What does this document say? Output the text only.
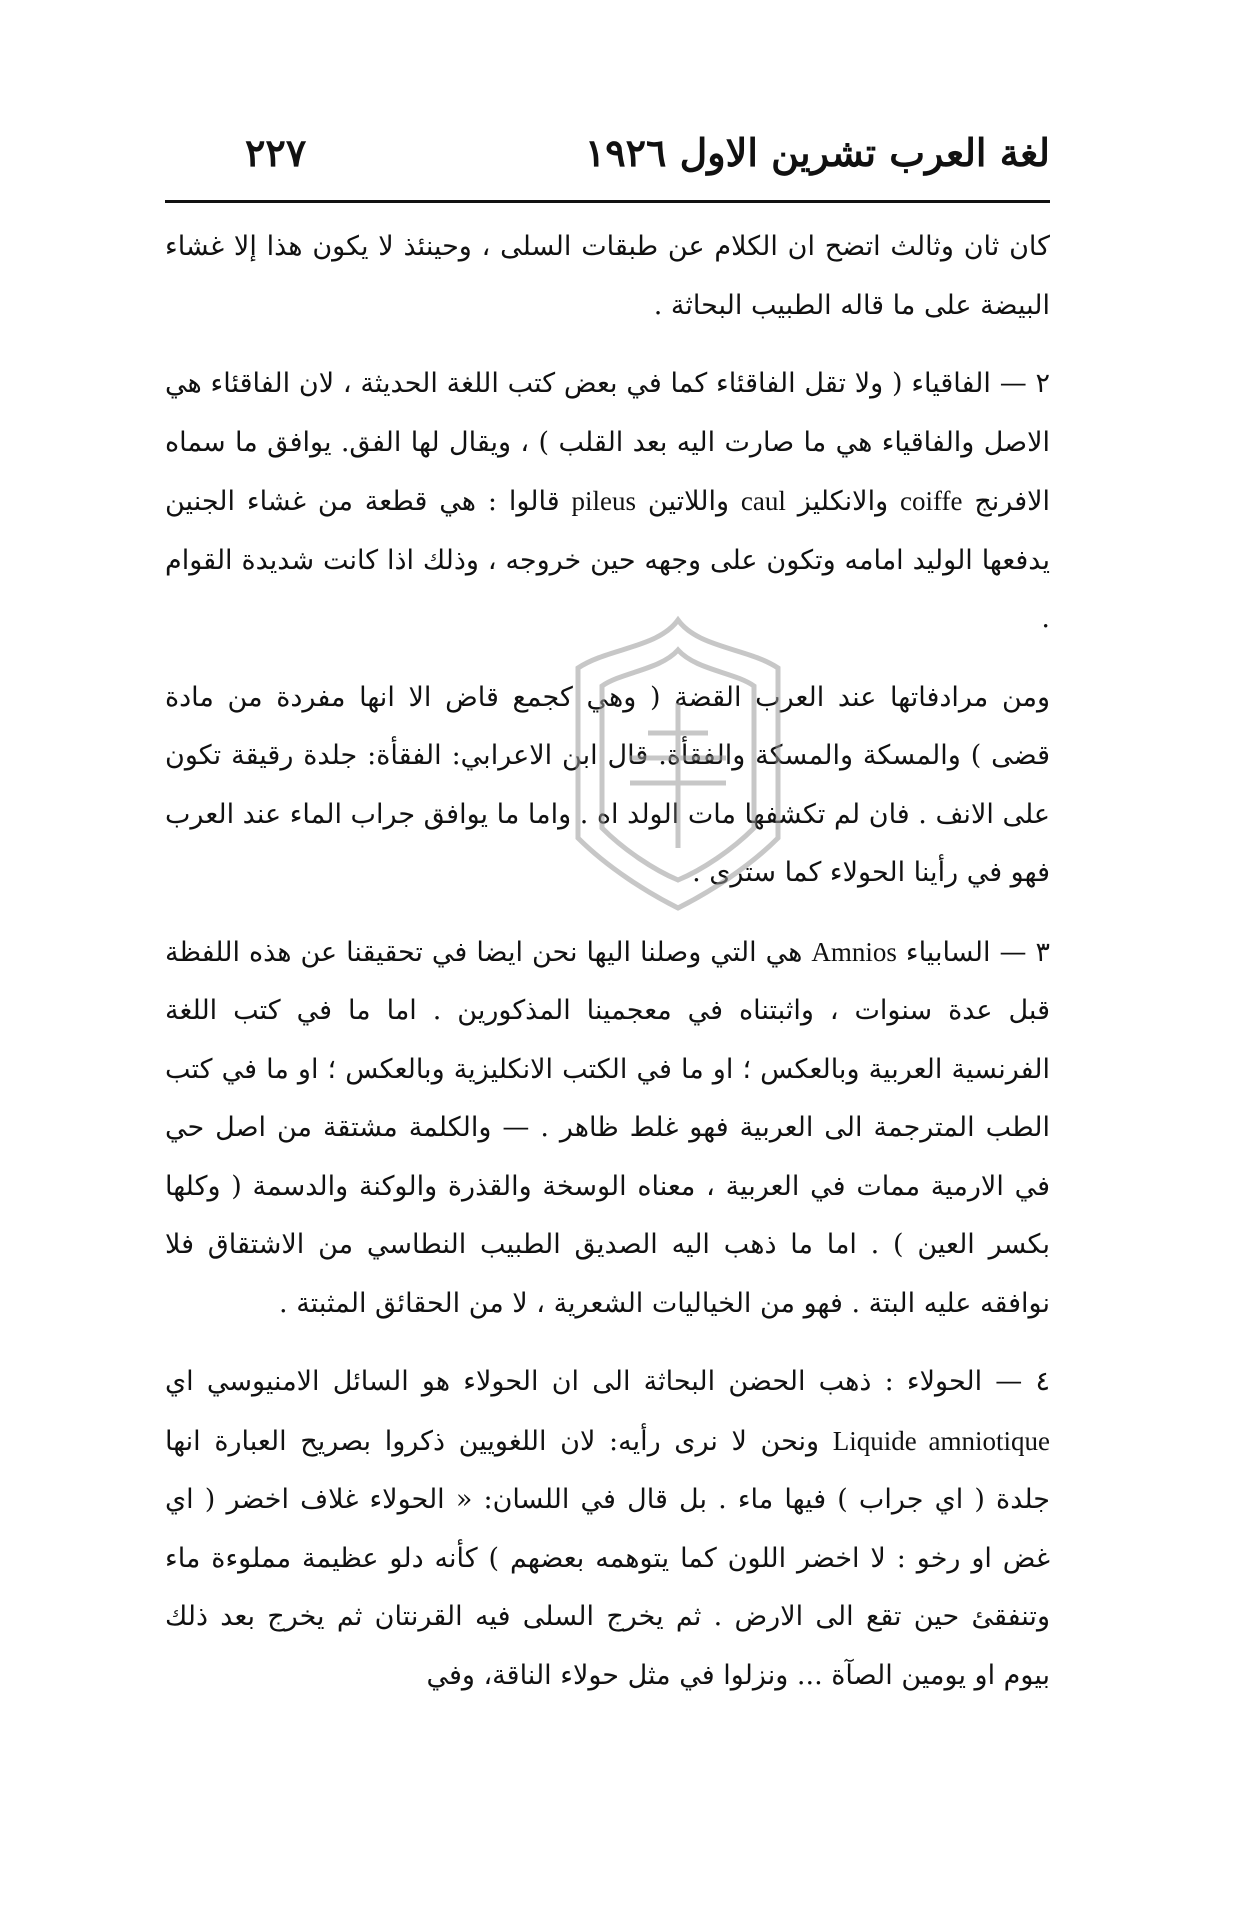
٢٢٧	لغة العرب تشرين الاول ١٩٢٦

كان ثان وثالث اتضح ان الكلام عن طبقات السلى ، وحينئذ لا يكون هذا إلا غشاء البيضة على ما قاله الطبيب البحاثة .

٢ — الفاقياء ( ولا تقل الفاقئاء كما في بعض كتب اللغة الحديثة ، لان الفاقئاء هي الاصل والفاقياء هي ما صارت اليه بعد القلب ) ، ويقال لها الفق. يوافق ما سماه الافرنج coiffe والانكليز caul واللاتين pileus قالوا : هي قطعة من غشاء الجنين يدفعها الوليد امامه وتكون على وجهه حين خروجه ، وذلك اذا كانت شديدة القوام .

ومن مرادفاتها عند العرب القضة ( وهي كجمع قاض الا انها مفردة من مادة قضى ) والمسكة والمسكة والفقأة. قال ابن الاعرابي: الفقأة: جلدة رقيقة تكون على الانف . فان لم تكشفها مات الولد اه . واما ما يوافق جراب الماء عند العرب فهو في رأينا الحولاء كما سترى .

٣ — السابياء Amnios هي التي وصلنا اليها نحن ايضا في تحقيقنا عن هذه اللفظة قبل عدة سنوات ، واثبتناه في معجمينا المذكورين . اما ما في كتب اللغة الفرنسية العربية وبالعكس ؛ او ما في الكتب الانكليزية وبالعكس ؛ او ما في كتب الطب المترجمة الى العربية فهو غلط ظاهر . — والكلمة مشتقة من اصل حي في الارمية ممات في العربية ، معناه الوسخة والقذرة والوكنة والدسمة ( وكلها بكسر العين ) . اما ما ذهب اليه الصديق الطبيب النطاسي من الاشتقاق فلا نوافقه عليه البتة . فهو من الخياليات الشعرية ، لا من الحقائق المثبتة .

٤ — الحولاء : ذهب الحضن البحاثة الى ان الحولاء هو السائل الامنيوسي اي Liquide amniotique ونحن لا نرى رأيه: لان اللغويين ذكروا بصريح العبارة انها جلدة ( اي جراب ) فيها ماء . بل قال في اللسان: « الحولاء غلاف اخضر ( اي غض او رخو : لا اخضر اللون كما يتوهمه بعضهم ) كأنه دلو عظيمة مملوءة ماء وتنفقئ حين تقع الى الارض . ثم يخرج السلى فيه القرنتان ثم يخرج بعد ذلك بيوم او يومين الصآة ... ونزلوا في مثل حولاء الناقة، وفي
